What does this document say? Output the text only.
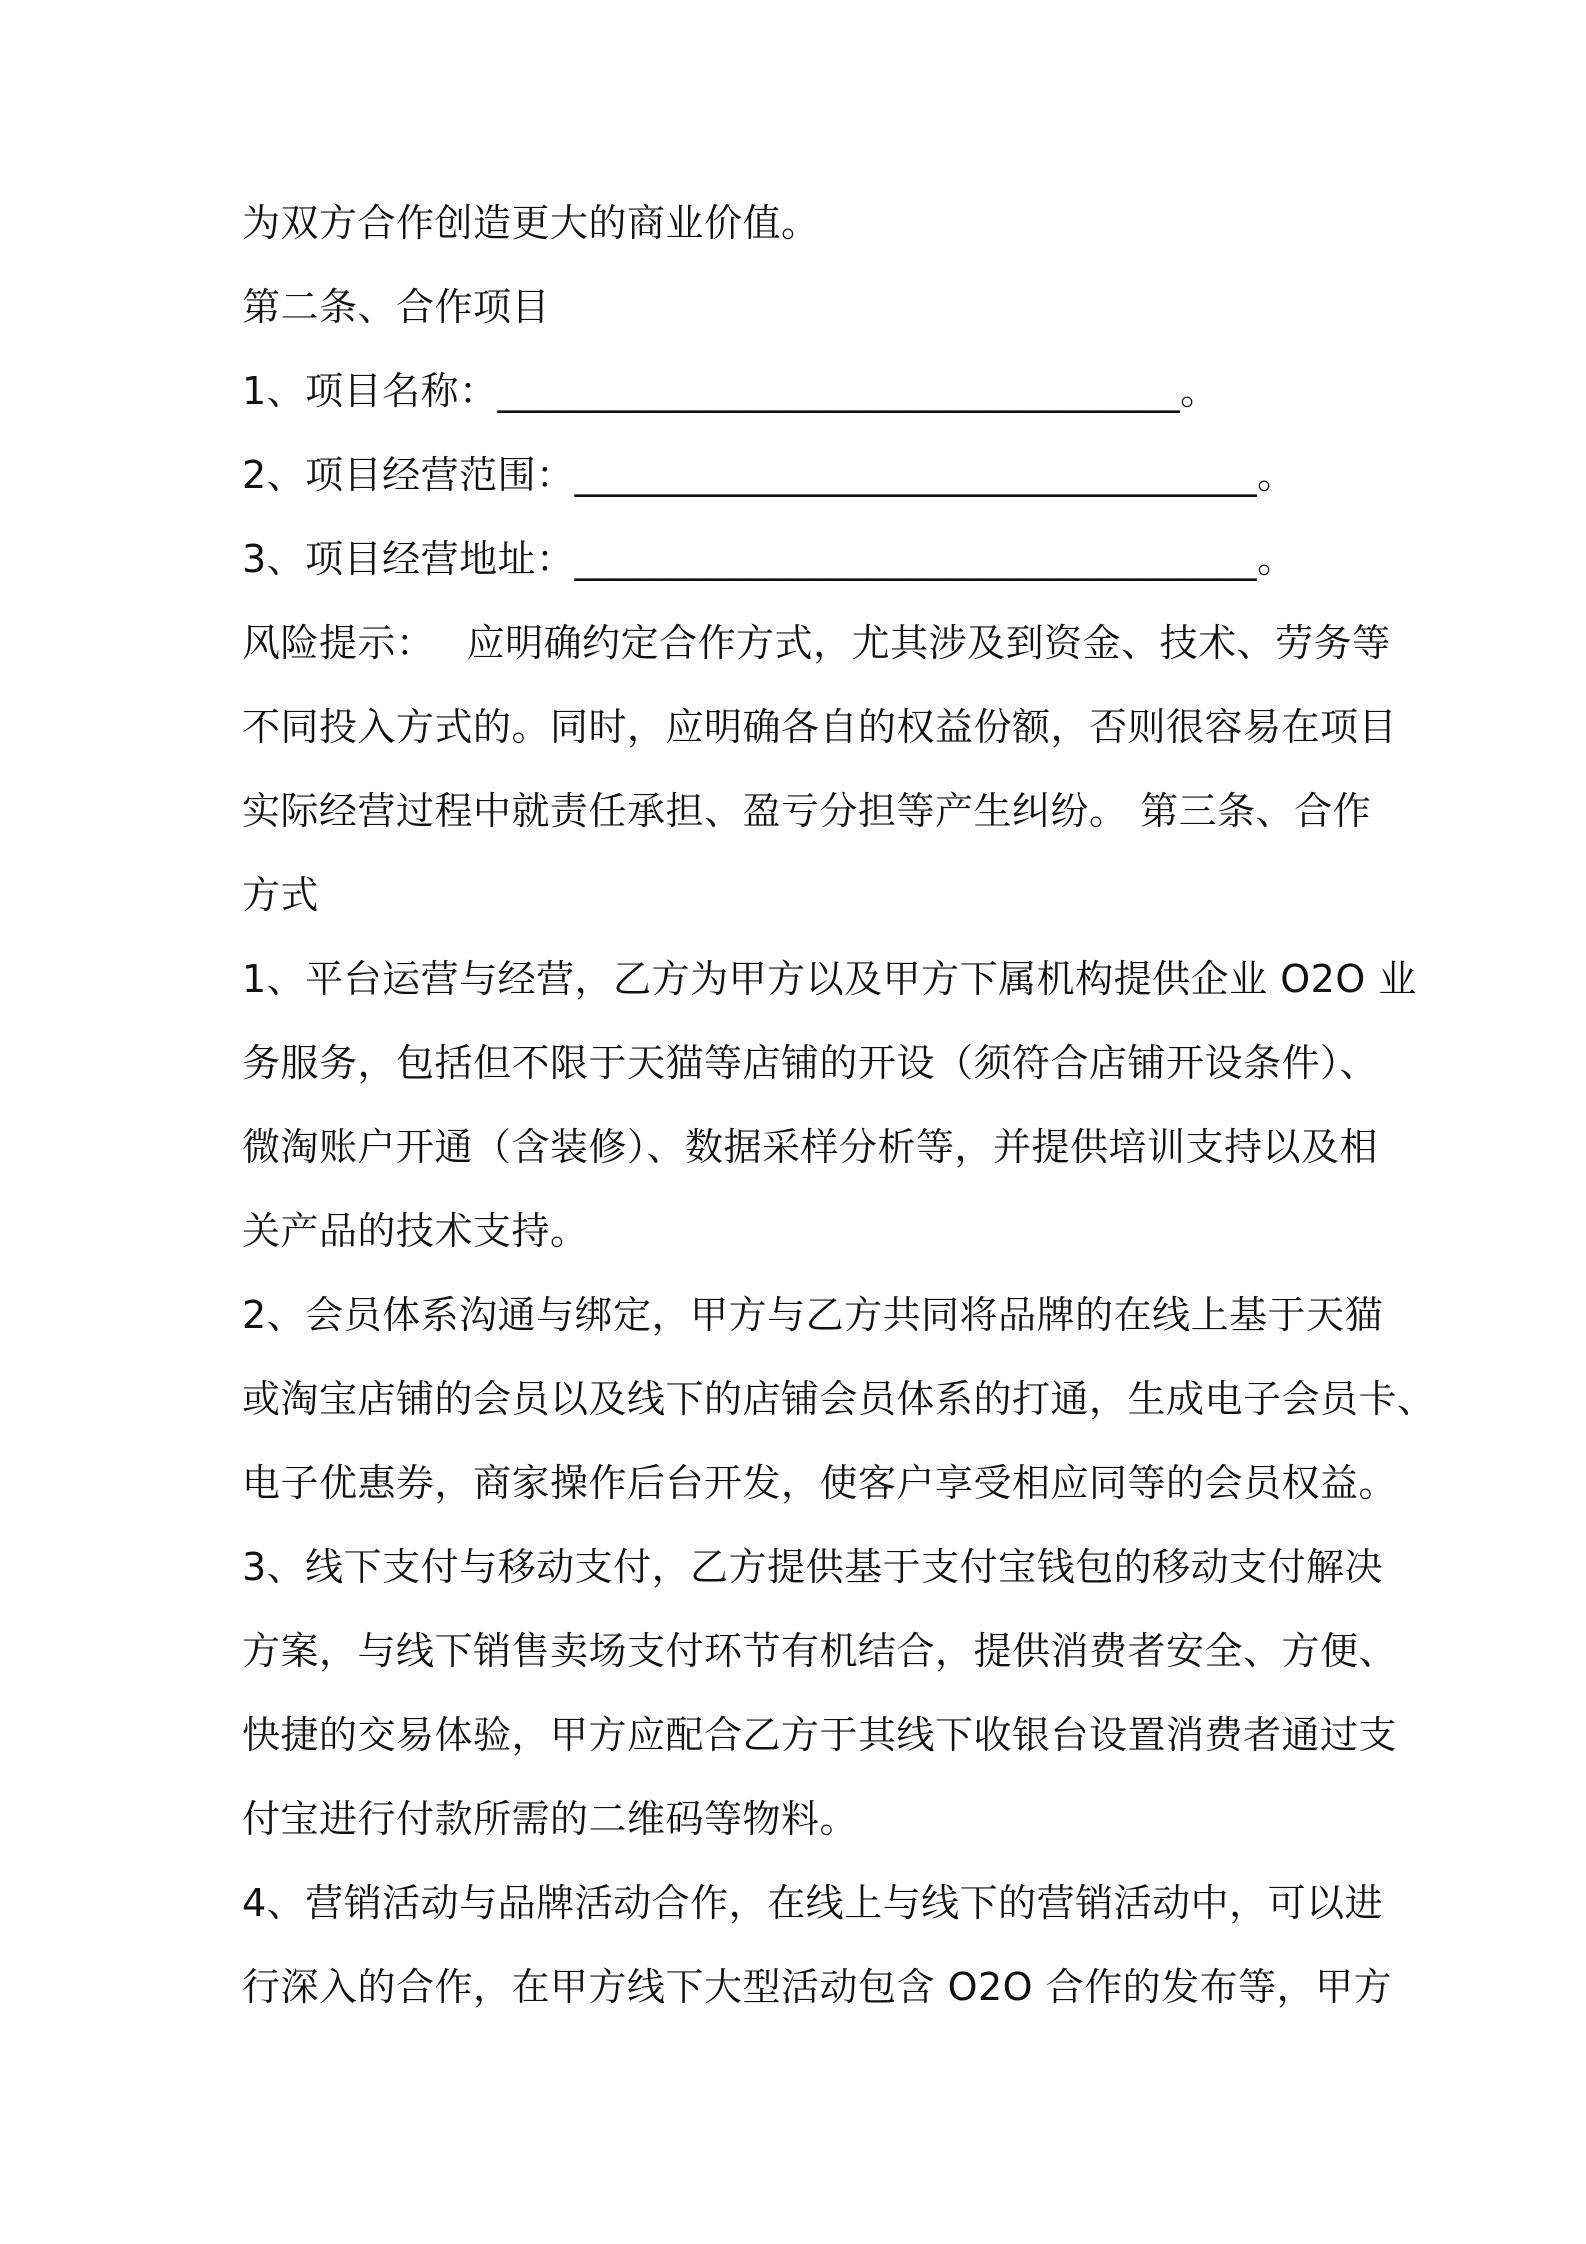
为双方合作创造更大的商业价值。
第二条、合作项目
1、项目名称：___________________________________。
2、项目经营范围：___________________________________。
3、项目经营地址：___________________________________。
风险提示：　 应明确约定合作方式，尤其涉及到资金、技术、劳务等
不同投入方式的。同时，应明确各自的权益份额，否则很容易在项目
实际经营过程中就责任承担、盈亏分担等产生纠纷。 第三条、合作
方式
1、平台运营与经营，乙方为甲方以及甲方下属机构提供企业 O2O 业
务服务，包括但不限于天猫等店铺的开设（须符合店铺开设条件）、
微淘账户开通（含装修）、数据采样分析等，并提供培训支持以及相
关产品的技术支持。
2、会员体系沟通与绑定，甲方与乙方共同将品牌的在线上基于天猫
或淘宝店铺的会员以及线下的店铺会员体系的打通，生成电子会员卡、
电子优惠券，商家操作后台开发，使客户享受相应同等的会员权益。
3、线下支付与移动支付，乙方提供基于支付宝钱包的移动支付解决
方案，与线下销售卖场支付环节有机结合，提供消费者安全、方便、
快捷的交易体验，甲方应配合乙方于其线下收银台设置消费者通过支
付宝进行付款所需的二维码等物料。
4、营销活动与品牌活动合作，在线上与线下的营销活动中，可以进
行深入的合作，在甲方线下大型活动包含 O2O 合作的发布等，甲方
